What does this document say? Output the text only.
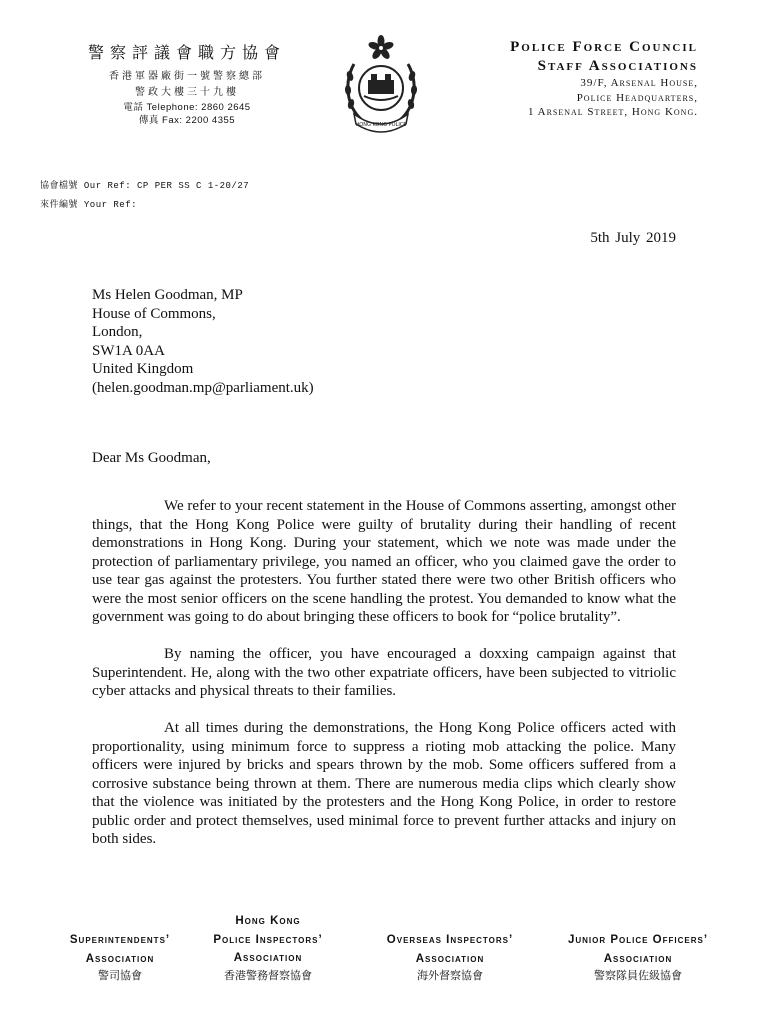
警察評議會職方協會
香港軍器廠街一號警察總部
警政大樓三十九樓
電話 Telephone: 2860 2645
傳真 Fax: 2200 4355	HONG KONG POLICE
Police Force Council
Staff Associations
39/F, Arsenal House,
Police Headquarters,
1 Arsenal Street, Hong Kong.
協會檔號 Our Ref: CP PER SS C 1-20/27
來件編號 Your Ref:
5th July 2019
Ms Helen Goodman, MP
House of Commons,
London,
SW1A 0AA
United Kingdom
(helen.goodman.mp@parliament.uk)
Dear Ms Goodman,

We refer to your recent statement in the House of Commons asserting, amongst other things, that the Hong Kong Police were guilty of brutality during their handling of recent demonstrations in Hong Kong. During your statement, which we note was made under the protection of parliamentary privilege, you named an officer, who you claimed gave the order to use tear gas against the protesters. You further stated there were two other British officers who were the most senior officers on the scene handling the protest. You demanded to know what the government was going to do about bringing these officers to book for “police brutality”.

By naming the officer, you have encouraged a doxxing campaign against that Superintendent. He, along with the two other expatriate officers, have been subjected to vitriolic cyber attacks and physical threats to their families.

At all times during the demonstrations, the Hong Kong Police officers acted with proportionality, using minimum force to suppress a rioting mob attacking the police. Many officers were injured by bricks and spears thrown by the mob. Some officers suffered from a corrosive substance being thrown at them. There are numerous media clips which clearly show that the violence was initiated by the protesters and the Hong Kong Police, in order to restore public order and protect themselves, used minimal force to prevent further attacks and injury on both sides.

Superintendents’
Association
警司協會
Hong Kong
Police Inspectors’
Association
香港警務督察協會
Overseas Inspectors’
Association
海外督察協會
Junior Police Officers’
Association
警察隊員佐級協會
